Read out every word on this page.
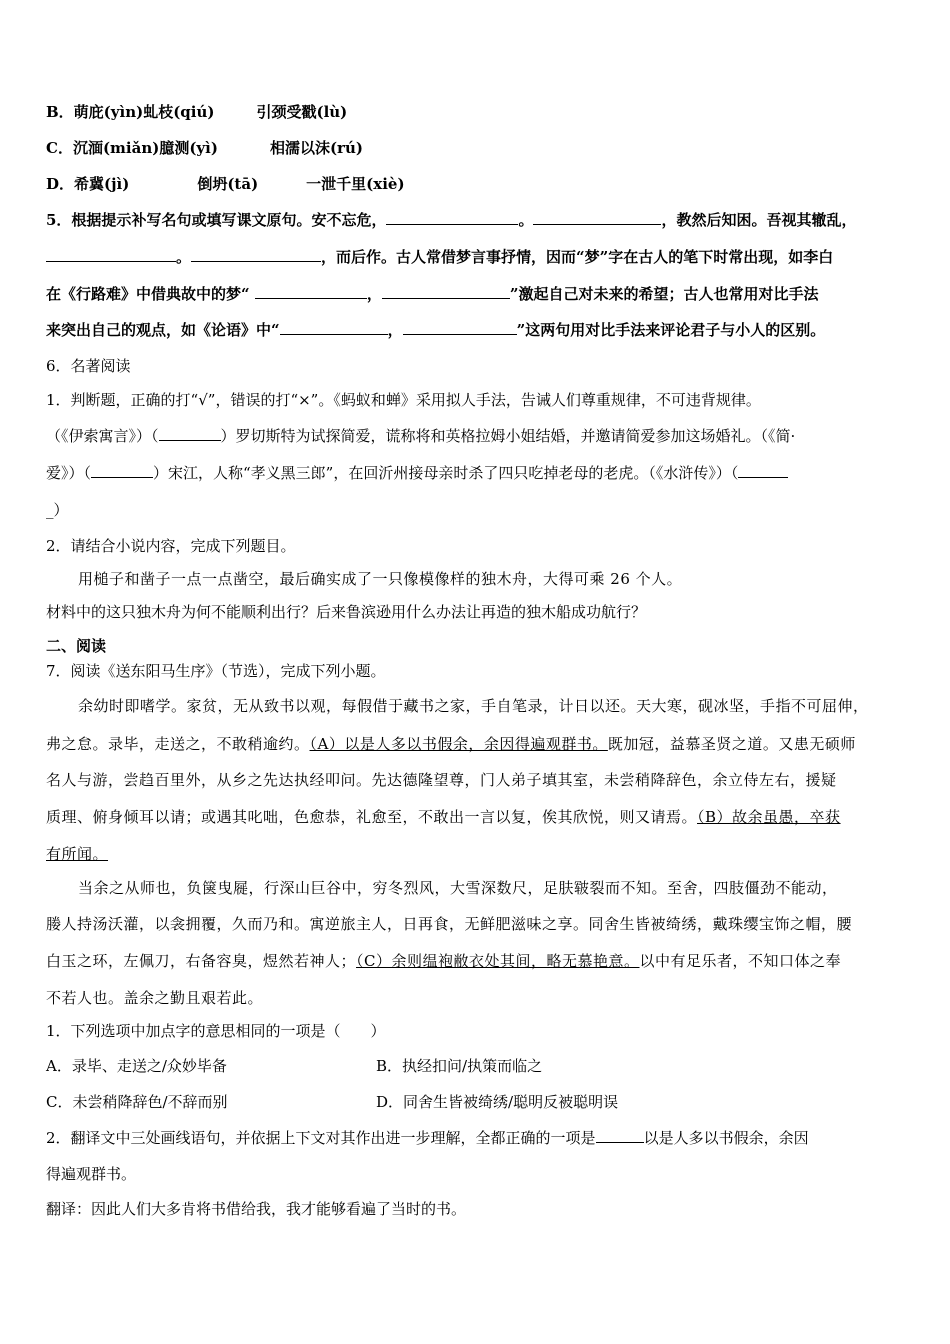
B．萌庇(yìn)虬枝(qiú)	引颈受戳(lù)
C．沉湎(miǎn)臆测(yì)	相濡以沫(rú)
D．希冀(jì)	倒坍(tā)	一泄千里(xiè)
5．根据提示补写名句或填写课文原句。安不忘危，	。	，教然后知困。吾视其辙乱，
。	，而后作。古人常借梦言事抒情，因而“梦”字在古人的笔下时常出现，如李白
在《行路难》中借典故中的梦“	，	”激起自己对未来的希望；古人也常用对比手法
来突出自己的观点，如《论语》中“	，	”这两句用对比手法来评论君子与小人的区别。
6．名著阅读
1．判断题，正确的打“√”，错误的打“×”。《蚂蚁和蝉》采用拟人手法，告诫人们尊重规律，不可违背规律。
（《伊索寓言》）（	）罗切斯特为试探简爱，谎称将和英格拉姆小姐结婚，并邀请简爱参加这场婚礼。（《简·
爱》）（	）宋江，人称“孝义黑三郎”，在回沂州接母亲时杀了四只吃掉老母的老虎。（《水浒传》）（
_）
2．请结合小说内容，完成下列题目。
用槌子和凿子一点一点凿空，最后确实成了一只像模像样的独木舟，大得可乘 26 个人。
材料中的这只独木舟为何不能顺利出行？后来鲁滨逊用什么办法让再造的独木船成功航行？
二、阅读
7．阅读《送东阳马生序》（节选），完成下列小题。
余幼时即嗜学。家贫，无从致书以观，每假借于藏书之家，手自笔录，计日以还。天大寒，砚冰坚，手指不可屈伸，
弗之怠。录毕，走送之，不敢稍逾约。（A）以是人多以书假余，余因得遍观群书。既加冠，益慕圣贤之道。又患无硕师
名人与游，尝趋百里外，从乡之先达执经叩问。先达德隆望尊，门人弟子填其室，未尝稍降辞色，余立侍左右，援疑
质理、俯身倾耳以请；或遇其叱咄，色愈恭，礼愈至，不敢出一言以复，俟其欣悦，则又请焉。（B）故余虽愚，卒获
有所闻。
当余之从师也，负箧曳屣，行深山巨谷中，穷冬烈风，大雪深数尺，足肤皲裂而不知。至舍，四肢僵劲不能动，
媵人持汤沃灌，以衾拥覆，久而乃和。寓逆旅主人，日再食，无鲜肥滋味之享。同舍生皆被绮绣，戴珠缨宝饰之帽，腰
白玉之环，左佩刀，右备容臭，煜然若神人；（C）余则缊袍敝衣处其间，略无慕艳意。以中有足乐者，不知口体之奉
不若人也。盖余之勤且艰若此。
1．下列选项中加点字的意思相同的一项是（　　）
A．录毕、走送之/众妙毕备	B．执经扣问/执策而临之
C．未尝稍降辞色/不辞而别	D．同舍生皆被绮绣/聪明反被聪明误
2．翻译文中三处画线语句，并依据上下文对其作出进一步理解，全都正确的一项是	以是人多以书假余，余因
得遍观群书。
翻译：因此人们大多肯将书借给我，我才能够看遍了当时的书。
